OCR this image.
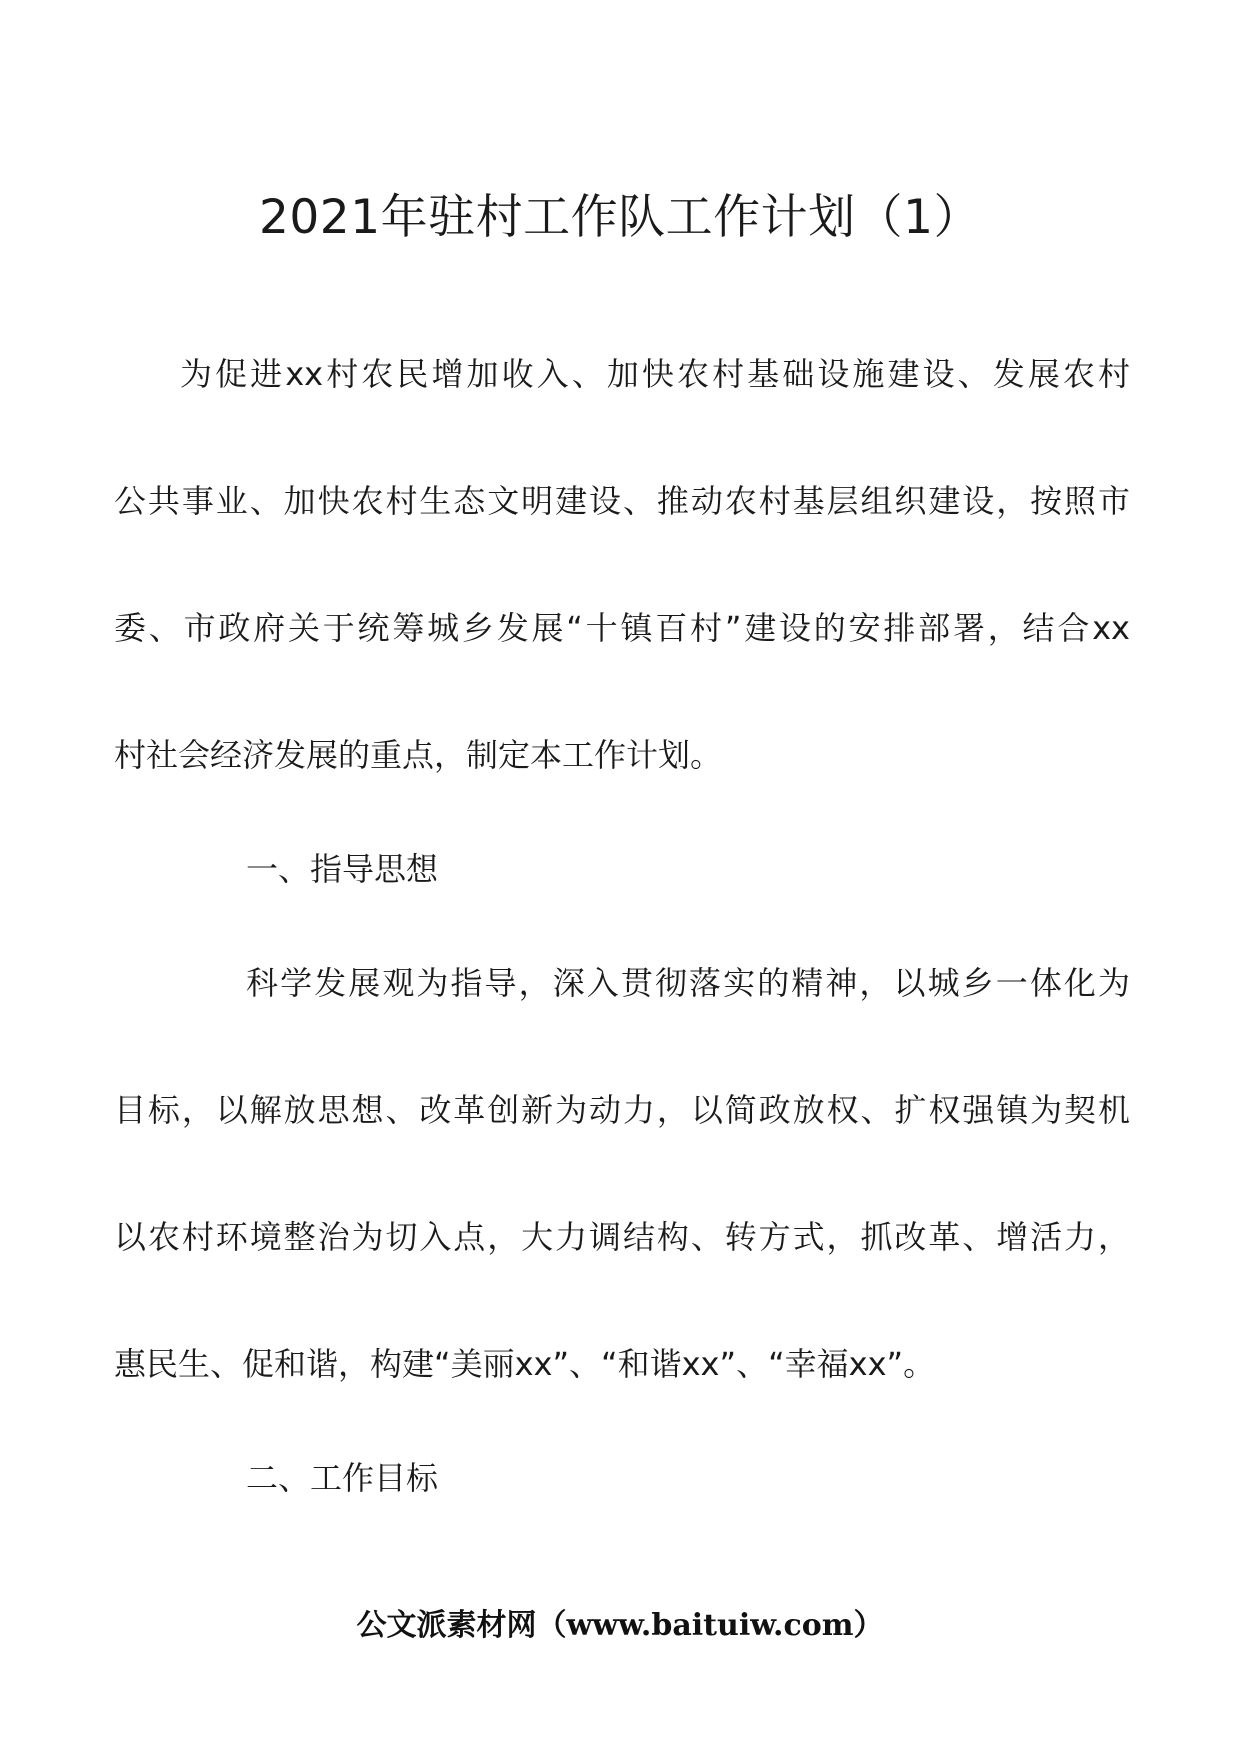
2021年驻村工作队工作计划（1）
为促进xx村农民增加收入、加快农村基础设施建设、发展农村
公共事业、加快农村生态文明建设、推动农村基层组织建设，按照市
委、市政府关于统筹城乡发展“十镇百村”建设的安排部署，结合xx
村社会经济发展的重点，制定本工作计划。
一、指导思想
科学发展观为指导，深入贯彻落实的精神，以城乡一体化为
目标，以解放思想、改革创新为动力，以简政放权、扩权强镇为契机
以农村环境整治为切入点，大力调结构、转方式，抓改革、增活力，
惠民生、促和谐，构建“美丽xx”、“和谐xx”、“幸福xx”。
二、工作目标
公文派素材网（www.baituiw.com）
